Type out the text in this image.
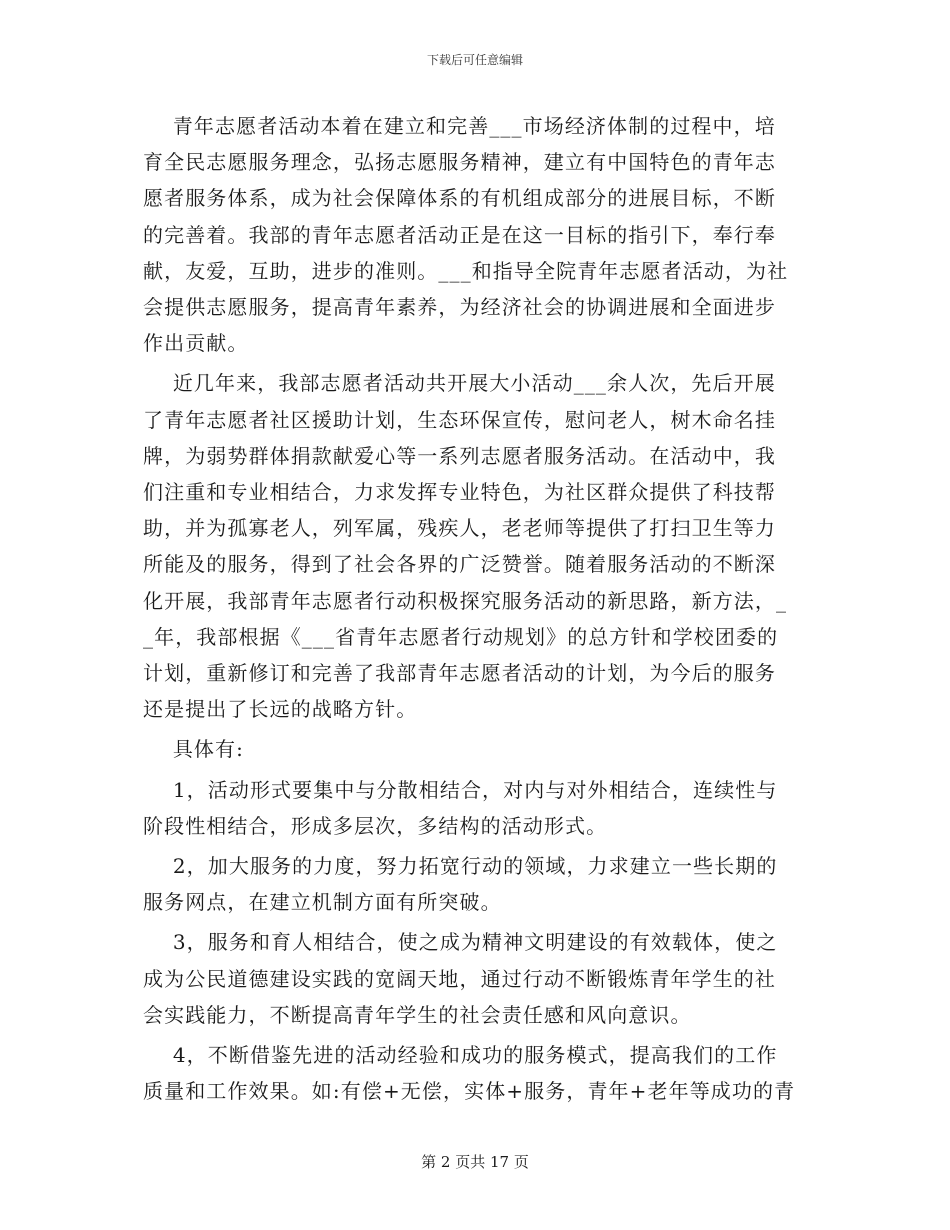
下载后可任意编辑
青年志愿者活动本着在建立和完善___市场经济体制的过程中，培
育全民志愿服务理念，弘扬志愿服务精神，建立有中国特色的青年志
愿者服务体系，成为社会保障体系的有机组成部分的进展目标，不断
的完善着。我部的青年志愿者活动正是在这一目标的指引下，奉行奉
献，友爱，互助，进步的准则。___和指导全院青年志愿者活动，为社
会提供志愿服务，提高青年素养，为经济社会的协调进展和全面进步
作出贡献。
近几年来，我部志愿者活动共开展大小活动___余人次，先后开展
了青年志愿者社区援助计划，生态环保宣传，慰问老人，树木命名挂
牌，为弱势群体捐款献爱心等一系列志愿者服务活动。在活动中，我
们注重和专业相结合，力求发挥专业特色，为社区群众提供了科技帮
助，并为孤寡老人，列军属，残疾人，老老师等提供了打扫卫生等力
所能及的服务，得到了社会各界的广泛赞誉。随着服务活动的不断深
化开展，我部青年志愿者行动积极探究服务活动的新思路，新方法，_
_年，我部根据《___省青年志愿者行动规划》的总方针和学校团委的
计划，重新修订和完善了我部青年志愿者活动的计划，为今后的服务
还是提出了长远的战略方针。
具体有:
1，活动形式要集中与分散相结合，对内与对外相结合，连续性与
阶段性相结合，形成多层次，多结构的活动形式。
2，加大服务的力度，努力拓宽行动的领域，力求建立一些长期的
服务网点，在建立机制方面有所突破。
3，服务和育人相结合，使之成为精神文明建设的有效载体，使之
成为公民道德建设实践的宽阔天地，通过行动不断锻炼青年学生的社
会实践能力，不断提高青年学生的社会责任感和风向意识。
4，不断借鉴先进的活动经验和成功的服务模式，提高我们的工作
质量和工作效果。如:有偿+无偿，实体+服务，青年+老年等成功的青
第 2 页共 17 页
